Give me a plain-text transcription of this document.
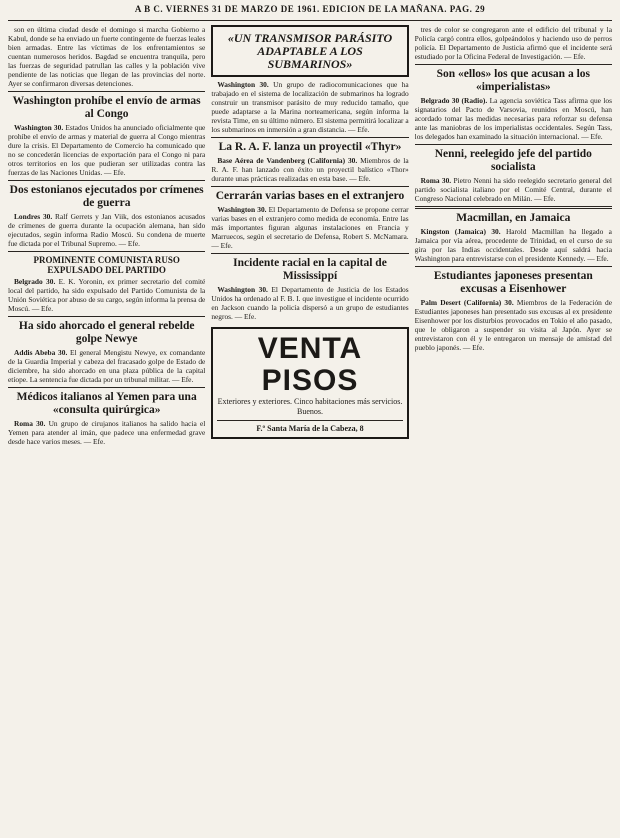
A B C. VIERNES 31 DE MARZO DE 1961. EDICION DE LA MAÑANA. PAG. 29

son en última ciudad desde el domingo si marcha Gobierno a Kabul, donde se ha enviado un fuerte contingente de fuerzas leales bien armadas. Entre las víctimas de los enfrentamientos se cuentan numerosos heridos. Bagdad se encuentra tranquila, pero las fuerzas de seguridad patrullan las calles y la población vive pendiente de las noticias que llegan de las provincias del norte. Ayer se confirmaron diversas detenciones.

Washington prohíbe el envío de armas al Congo

Washington 30. Estados Unidos ha anunciado oficialmente que prohíbe el envío de armas y material de guerra al Congo mientras dure la crisis. El Departamento de Comercio ha comunicado que no se concederán licencias de exportación para el Congo ni para otros territorios en los que pudieran ser utilizadas contra las fuerzas de las Naciones Unidas. — Efe.

Dos estonianos ejecutados por crímenes de guerra

Londres 30. Ralf Gerrets y Jan Viik, dos estonianos acusados de crímenes de guerra durante la ocupación alemana, han sido ejecutados, según informa Radio Moscú. Su condena de muerte fue dictada por el Tribunal Supremo. — Efe.

PROMINENTE COMUNISTA RUSO EXPULSADO DEL PARTIDO

Belgrado 30. E. K. Yoronin, ex primer secretario del comité local del partido, ha sido expulsado del Partido Comunista de la Unión Soviética por abuso de su cargo, según informa la prensa de Moscú. — Efe.

Ha sido ahorcado el general rebelde golpe Newye

Addis Abeba 30. El general Mengistu Newye, ex comandante de la Guardia Imperial y cabeza del fracasado golpe de Estado de diciembre, ha sido ahorcado en una plaza pública de la capital etíope. La sentencia fue dictada por un tribunal militar. — Efe.

Médicos italianos al Yemen para una «consulta quirúrgica»

Roma 30. Un grupo de cirujanos italianos ha salido hacia el Yemen para atender al imán, que padece una enfermedad grave desde hace varios meses. — Efe.

«UN TRANSMISOR PARÁSITO ADAPTABLE A LOS SUBMARINOS»

Washington 30. Un grupo de radiocomunicaciones que ha trabajado en el sistema de localización de submarinos ha logrado construir un transmisor parásito de muy reducido tamaño, que puede adaptarse a la Marina norteamericana, según informa la revista Time, en su último número. El sistema permitirá localizar a los submarinos en inmersión a gran distancia. — Efe.

La R. A. F. lanza un proyectil «Thyr»

Base Aérea de Vandenberg (California) 30. Miembros de la R. A. F. han lanzado con éxito un proyectil balístico «Thor» durante unas prácticas realizadas en esta base. — Efe.

Cerrarán varias bases en el extranjero

Washington 30. El Departamento de Defensa se propone cerrar varias bases en el extranjero como medida de economía. Entre las más importantes figuran algunas instalaciones en Francia y Marruecos, según el secretario de Defensa, Robert S. McNamara. — Efe.

Incidente racial en la capital de Mississippí

Washington 30. El Departamento de Justicia de los Estados Unidos ha ordenado al F. B. I. que investigue el incidente ocurrido en Jackson cuando la policía dispersó a un grupo de estudiantes negros. — Efe.

VENTA PISOS
Exteriores y exteriores. Cinco habitaciones más servicios. Buenos.
F.º Santa María de la Cabeza, 8

tres de color se congregaron ante el edificio del tribunal y la Policía cargó contra ellos, golpeándolos y haciendo uso de perros policía. El Departamento de Justicia afirmó que el incidente será estudiado por la Oficina Federal de Investigación. — Efe.

Son «ellos» los que acusan a los «imperialistas»

Belgrado 30 (Radio). La agencia soviética Tass afirma que los signatarios del Pacto de Varsovia, reunidos en Moscú, han acordado tomar las medidas necesarias para reforzar su defensa ante las maniobras de los imperialistas occidentales. Según Tass, los delegados han examinado la situación internacional. — Efe.

Nenni, reelegido jefe del partido socialista

Roma 30. Pietro Nenni ha sido reelegido secretario general del partido socialista italiano por el Comité Central, durante el Congreso Nacional celebrado en Milán. — Efe.

Macmillan, en Jamaica

Kingston (Jamaica) 30. Harold Macmillan ha llegado a Jamaica por vía aérea, procedente de Trinidad, en el curso de su gira por las Indias occidentales. Desde aquí saldrá hacia Washington para entrevistarse con el presidente Kennedy. — Efe.

Estudiantes japoneses presentan excusas a Eisenhower

Palm Desert (California) 30. Miembros de la Federación de Estudiantes japoneses han presentado sus excusas al ex presidente Eisenhower por los disturbios provocados en Tokio el año pasado, que le obligaron a suspender su visita al Japón. Ayer se entrevistaron con él y le entregaron un mensaje de amistad del pueblo japonés. — Efe.
